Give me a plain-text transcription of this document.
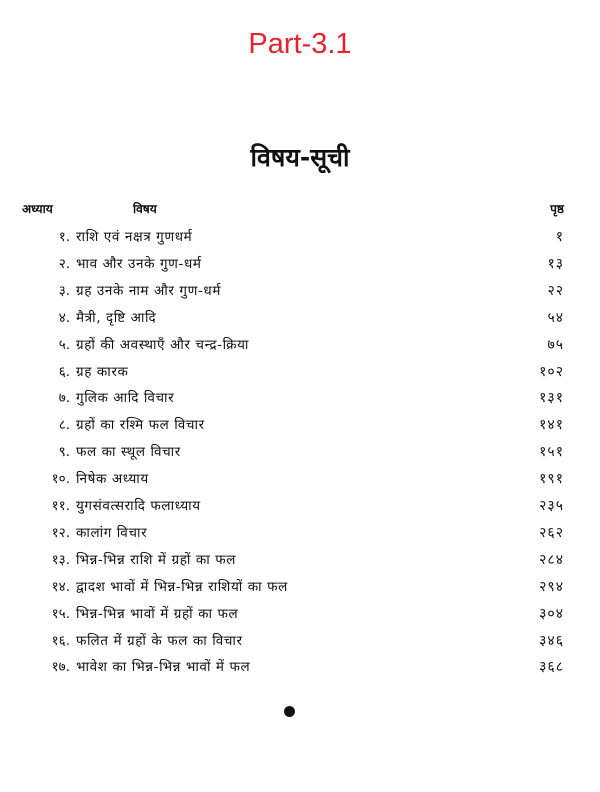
Part-3.1
विषय-सूची
अध्याय	विषय	पृष्ठ
१. राशि एवं नक्षत्र गुणधर्म	१
२. भाव और उनके गुण-धर्म	१३
३. ग्रह उनके नाम और गुण-धर्म	२२
४. मैत्री, दृष्टि आदि	५४
५. ग्रहों की अवस्थाएँ और चन्द्र-क्रिया	७५
६. ग्रह कारक	१०२
७. गुलिक आदि विचार	१३१
८. ग्रहों का रश्मि फल विचार	१४१
९. फल का स्थूल विचार	१५१
१०. निषेक अध्याय	१९१
११. युगसंवत्सरादि फलाध्याय	२३५
१२. कालांग विचार	२६२
१३. भिन्न-भिन्न राशि में ग्रहों का फल	२८४
१४. द्वादश भावों में भिन्न-भिन्न राशियों का फल	२९४
१५. भिन्न-भिन्न भावों में ग्रहों का फल	३०४
१६. फलित में ग्रहों के फल का विचार	३४६
१७. भावेश का भिन्न-भिन्न भावों में फल	३६८
